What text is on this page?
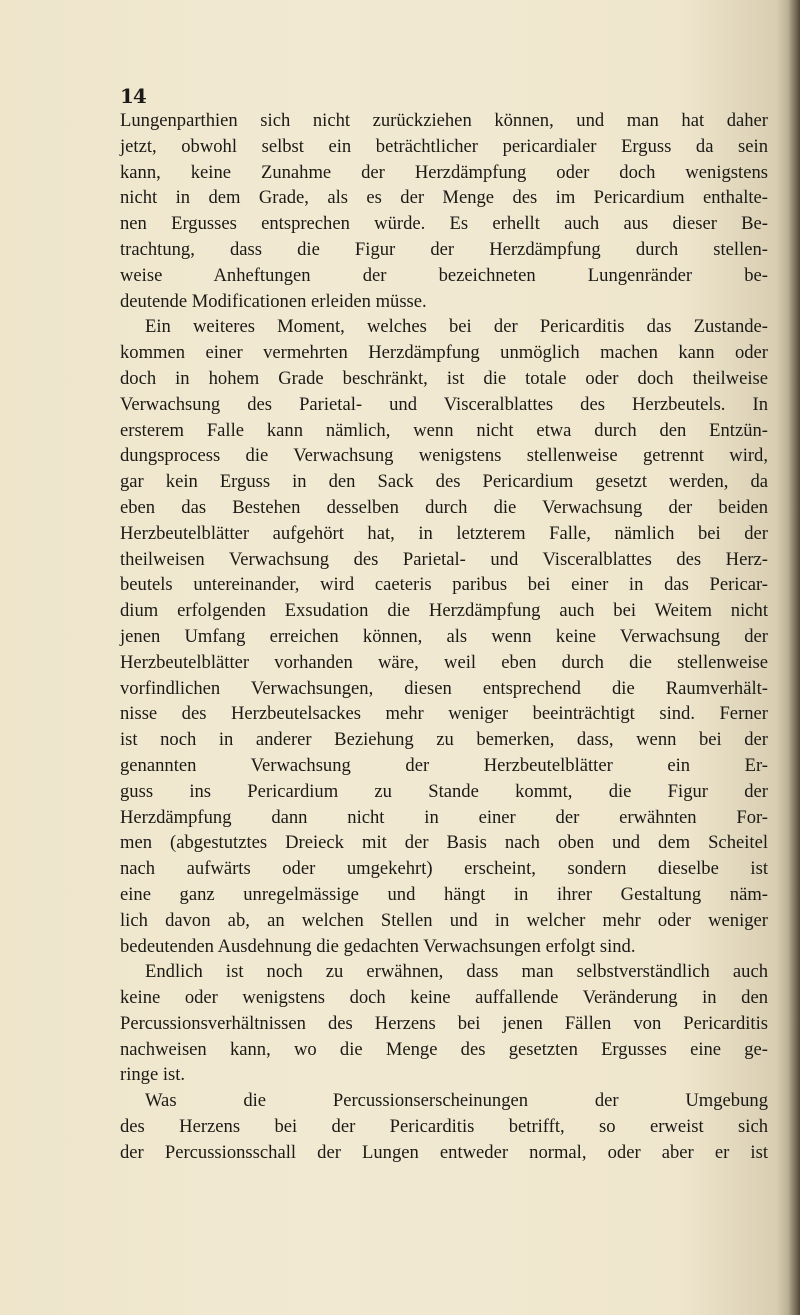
14

Lungenparthien sich nicht zurückziehen können, und man hat daher
jetzt, obwohl selbst ein beträchtlicher pericardialer Erguss da sein
kann, keine Zunahme der Herzdämpfung oder doch wenigstens
nicht in dem Grade, als es der Menge des im Pericardium enthalte-
nen Ergusses entsprechen würde. Es erhellt auch aus dieser Be-
trachtung, dass die Figur der Herzdämpfung durch stellen-
weise Anheftungen der bezeichneten Lungenränder be-
deutende Modificationen erleiden müsse.
Ein weiteres Moment, welches bei der Pericarditis das Zustande-
kommen einer vermehrten Herzdämpfung unmöglich machen kann oder
doch in hohem Grade beschränkt, ist die totale oder doch theilweise
Verwachsung des Parietal- und Visceralblattes des Herzbeutels. In
ersterem Falle kann nämlich, wenn nicht etwa durch den Entzün-
dungsprocess die Verwachsung wenigstens stellenweise getrennt wird,
gar kein Erguss in den Sack des Pericardium gesetzt werden, da
eben das Bestehen desselben durch die Verwachsung der beiden
Herzbeutelblätter aufgehört hat, in letzterem Falle, nämlich bei der
theilweisen Verwachsung des Parietal- und Visceralblattes des Herz-
beutels untereinander, wird caeteris paribus bei einer in das Pericar-
dium erfolgenden Exsudation die Herzdämpfung auch bei Weitem nicht
jenen Umfang erreichen können, als wenn keine Verwachsung der
Herzbeutelblätter vorhanden wäre, weil eben durch die stellenweise
vorfindlichen Verwachsungen, diesen entsprechend die Raumverhält-
nisse des Herzbeutelsackes mehr weniger beeinträchtigt sind. Ferner
ist noch in anderer Beziehung zu bemerken, dass, wenn bei der
genannten Verwachsung der Herzbeutelblätter ein Er-
guss ins Pericardium zu Stande kommt, die Figur der
Herzdämpfung dann nicht in einer der erwähnten For-
men (abgestutztes Dreieck mit der Basis nach oben und dem Scheitel
nach aufwärts oder umgekehrt) erscheint, sondern dieselbe ist
eine ganz unregelmässige und hängt in ihrer Gestaltung näm-
lich davon ab, an welchen Stellen und in welcher mehr oder weniger
bedeutenden Ausdehnung die gedachten Verwachsungen erfolgt sind.
Endlich ist noch zu erwähnen, dass man selbstverständlich auch
keine oder wenigstens doch keine auffallende Veränderung in den
Percussionsverhältnissen des Herzens bei jenen Fällen von Pericarditis
nachweisen kann, wo die Menge des gesetzten Ergusses eine ge-
ringe ist.
Was die Percussionserscheinungen der Umgebung
des Herzens bei der Pericarditis betrifft, so erweist sich
der Percussionsschall der Lungen entweder normal, oder aber er ist
